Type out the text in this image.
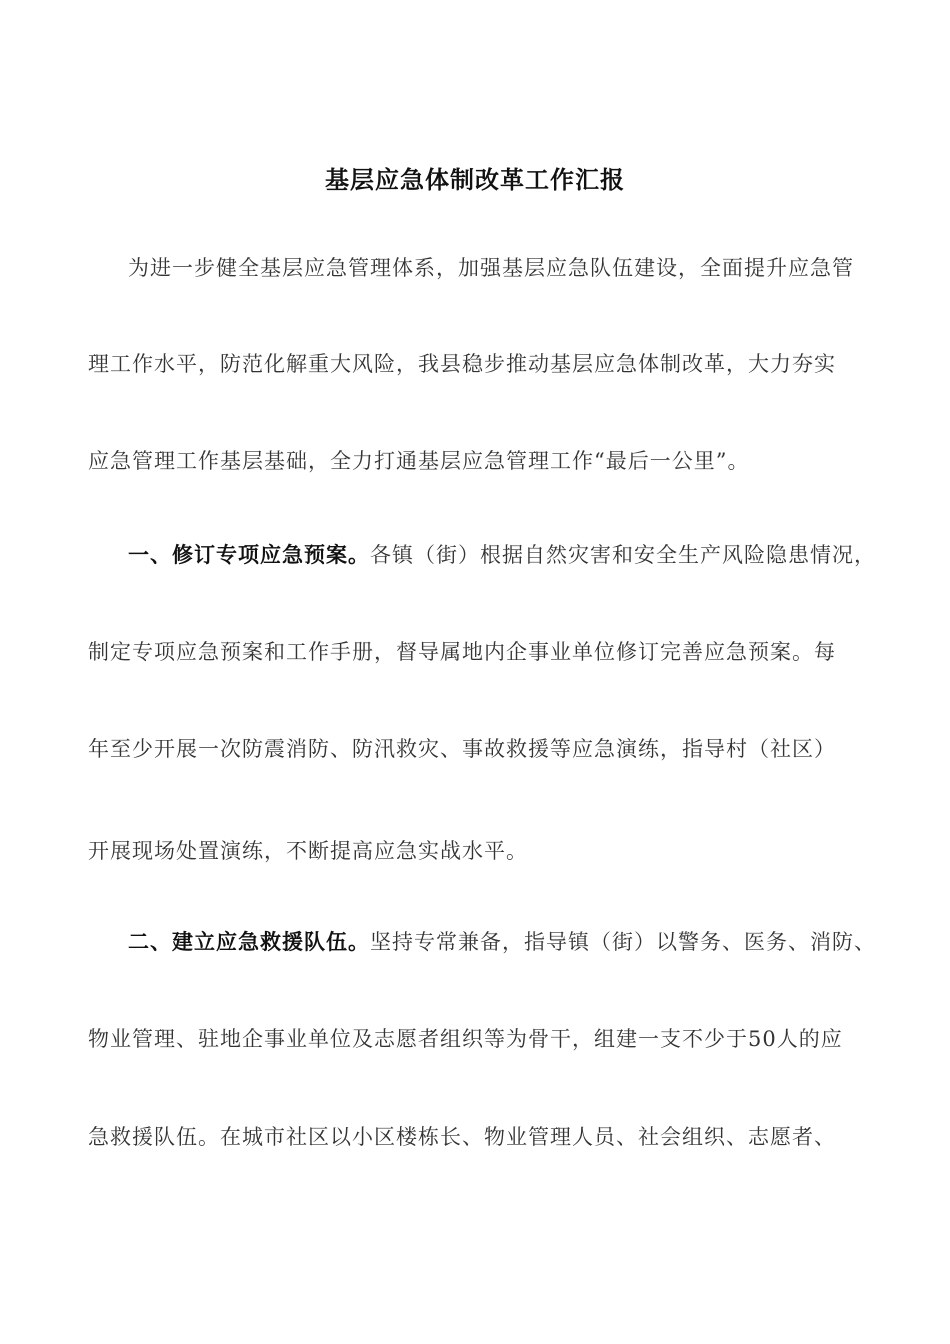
基层应急体制改革工作汇报
为进一步健全基层应急管理体系，加强基层应急队伍建设，全面提升应急管
理工作水平，防范化解重大风险，我县稳步推动基层应急体制改革，大力夯实
应急管理工作基层基础，全力打通基层应急管理工作“最后一公里”。
一、修订专项应急预案。各镇（街）根据自然灾害和安全生产风险隐患情况，
制定专项应急预案和工作手册，督导属地内企事业单位修订完善应急预案。每
年至少开展一次防震消防、防汛救灾、事故救援等应急演练，指导村（社区）
开展现场处置演练，不断提高应急实战水平。
二、建立应急救援队伍。坚持专常兼备，指导镇（街）以警务、医务、消防、
物业管理、驻地企事业单位及志愿者组织等为骨干，组建一支不少于50人的应
急救援队伍。在城市社区以小区楼栋长、物业管理人员、社会组织、志愿者、
